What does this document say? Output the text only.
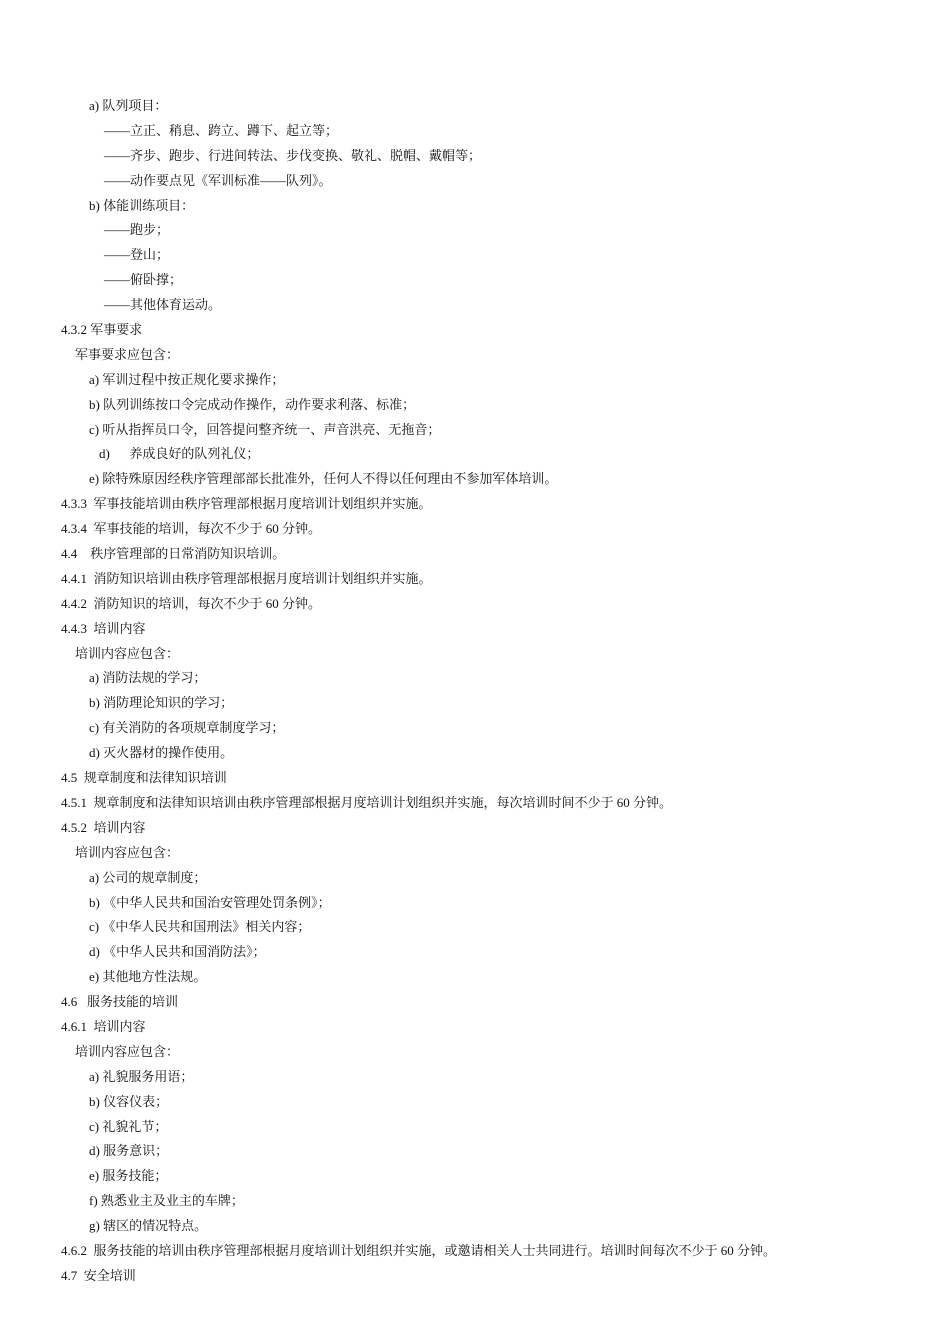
a) 队列项目：
——立正、稍息、跨立、蹲下、起立等；
——齐步、跑步、行进间转法、步伐变换、敬礼、脱帽、戴帽等；
——动作要点见《军训标准——队列》。
b) 体能训练项目：
——跑步；
——登山；
——俯卧撑；
——其他体育运动。
4.3.2 军事要求
军事要求应包含：
a) 军训过程中按正规化要求操作；
b) 队列训练按口令完成动作操作，动作要求利落、标准；
c) 听从指挥员口令，回答提问整齐统一、声音洪亮、无拖音；
d)      养成良好的队列礼仪；
e) 除特殊原因经秩序管理部部长批准外，任何人不得以任何理由不参加军体培训。
4.3.3  军事技能培训由秩序管理部根据月度培训计划组织并实施。
4.3.4  军事技能的培训，每次不少于 60 分钟。
4.4    秩序管理部的日常消防知识培训。
4.4.1  消防知识培训由秩序管理部根据月度培训计划组织并实施。
4.4.2  消防知识的培训，每次不少于 60 分钟。
4.4.3  培训内容
培训内容应包含：
a) 消防法规的学习；
b) 消防理论知识的学习；
c) 有关消防的各项规章制度学习；
d) 灭火器材的操作使用。
4.5  规章制度和法律知识培训
4.5.1  规章制度和法律知识培训由秩序管理部根据月度培训计划组织并实施，每次培训时间不少于 60 分钟。
4.5.2  培训内容
培训内容应包含：
a) 公司的规章制度；
b) 《中华人民共和国治安管理处罚条例》；
c) 《中华人民共和国刑法》相关内容；
d) 《中华人民共和国消防法》；
e) 其他地方性法规。
4.6   服务技能的培训
4.6.1  培训内容
培训内容应包含：
a) 礼貌服务用语；
b) 仪容仪表；
c) 礼貌礼节；
d) 服务意识；
e) 服务技能；
f) 熟悉业主及业主的车牌；
g) 辖区的情况特点。
4.6.2  服务技能的培训由秩序管理部根据月度培训计划组织并实施，或邀请相关人士共同进行。培训时间每次不少于 60 分钟。
4.7  安全培训
